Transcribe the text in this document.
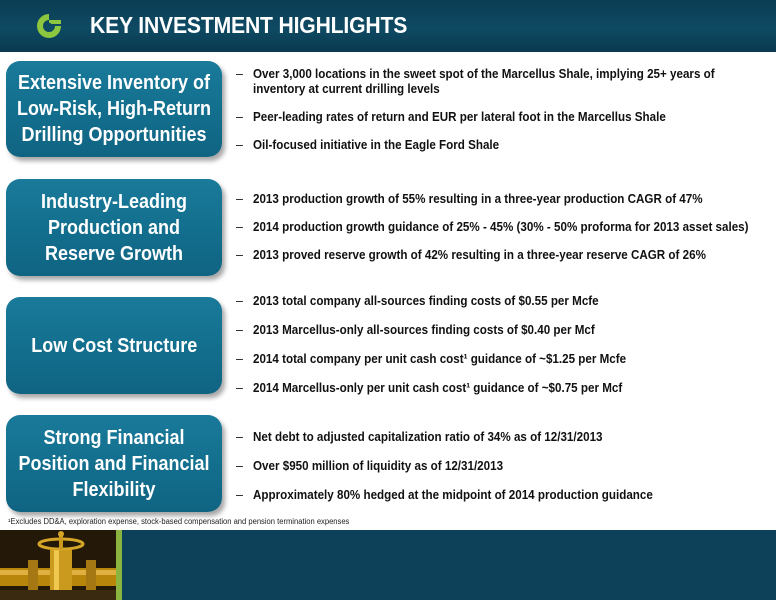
KEY INVESTMENT HIGHLIGHTS
Extensive Inventory of Low-Risk, High-Return Drilling Opportunities
– Over 3,000 locations in the sweet spot of the Marcellus Shale, implying 25+ years of inventory at current drilling levels
– Peer-leading rates of return and EUR per lateral foot in the Marcellus Shale
– Oil-focused initiative in the Eagle Ford Shale
Industry-Leading Production and Reserve Growth
– 2013 production growth of 55% resulting in a three-year production CAGR of 47%
– 2014 production growth guidance of 25% - 45% (30% - 50% proforma for 2013 asset sales)
– 2013 proved reserve growth of 42% resulting in a three-year reserve CAGR of 26%
Low Cost Structure
– 2013 total company all-sources finding costs of $0.55 per Mcfe
– 2013 Marcellus-only all-sources finding costs of $0.40 per Mcf
– 2014 total company per unit cash cost¹ guidance of ~$1.25 per Mcfe
– 2014 Marcellus-only per unit cash cost¹ guidance of ~$0.75 per Mcf
Strong Financial Position and Financial Flexibility
– Net debt to adjusted capitalization ratio of 34% as of 12/31/2013
– Over $950 million of liquidity as of 12/31/2013
– Approximately 80% hedged at the midpoint of 2014 production guidance
¹Excludes DD&A, exploration expense, stock-based compensation and pension termination expenses
